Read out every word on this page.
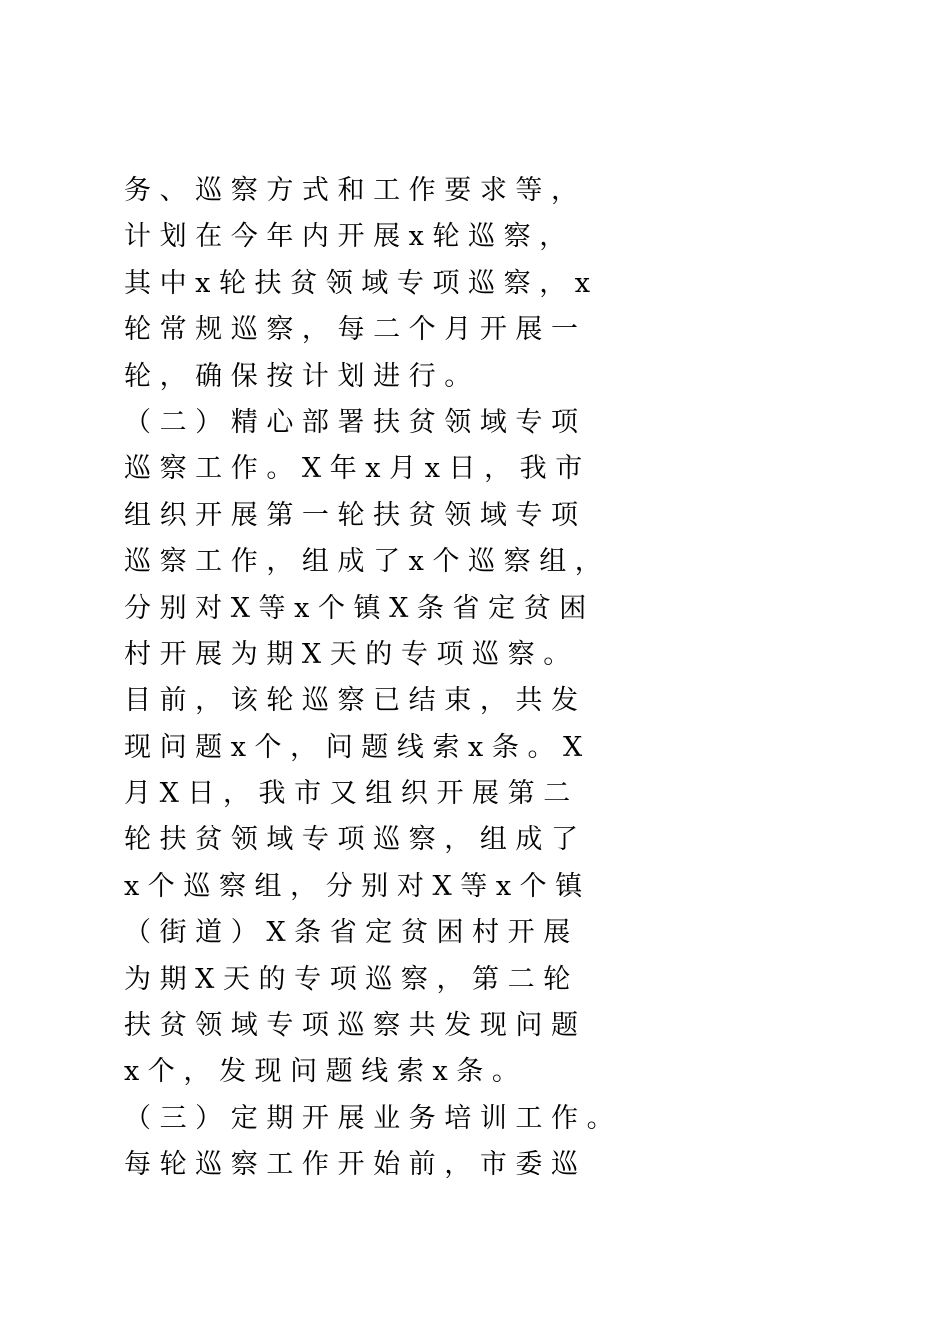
务 、 巡 察 方 式 和 工 作 要 求 等 ，
计 划 在 今 年 内 开 展 x 轮 巡 察 ，
其 中 x 轮 扶 贫 领 域 专 项 巡 察 ， x
轮 常 规 巡 察 ， 每 二 个 月 开 展 一
轮 ， 确 保 按 计 划 进 行 。
（ 二 ） 精 心 部 署 扶 贫 领 域 专 项
巡 察 工 作 。 X 年 x 月 x 日 ， 我 市
组 织 开 展 第 一 轮 扶 贫 领 域 专 项
巡 察 工 作 ， 组 成 了 x 个 巡 察 组 ，
分 别 对 X 等 x 个 镇 X 条 省 定 贫 困
村 开 展 为 期 X 天 的 专 项 巡 察 。
目 前 ， 该 轮 巡 察 已 结 束 ， 共 发
现 问 题 x 个 ， 问 题 线 索 x 条 。 X
月 X 日 ， 我 市 又 组 织 开 展 第 二
轮 扶 贫 领 域 专 项 巡 察 ， 组 成 了
x 个 巡 察 组 ， 分 别 对 X 等 x 个 镇
（ 街 道 ） X 条 省 定 贫 困 村 开 展
为 期 X 天 的 专 项 巡 察 ， 第 二 轮
扶 贫 领 域 专 项 巡 察 共 发 现 问 题
x 个 ， 发 现 问 题 线 索 x 条 。
（ 三 ） 定 期 开 展 业 务 培 训 工 作 。
每 轮 巡 察 工 作 开 始 前 ， 市 委 巡
